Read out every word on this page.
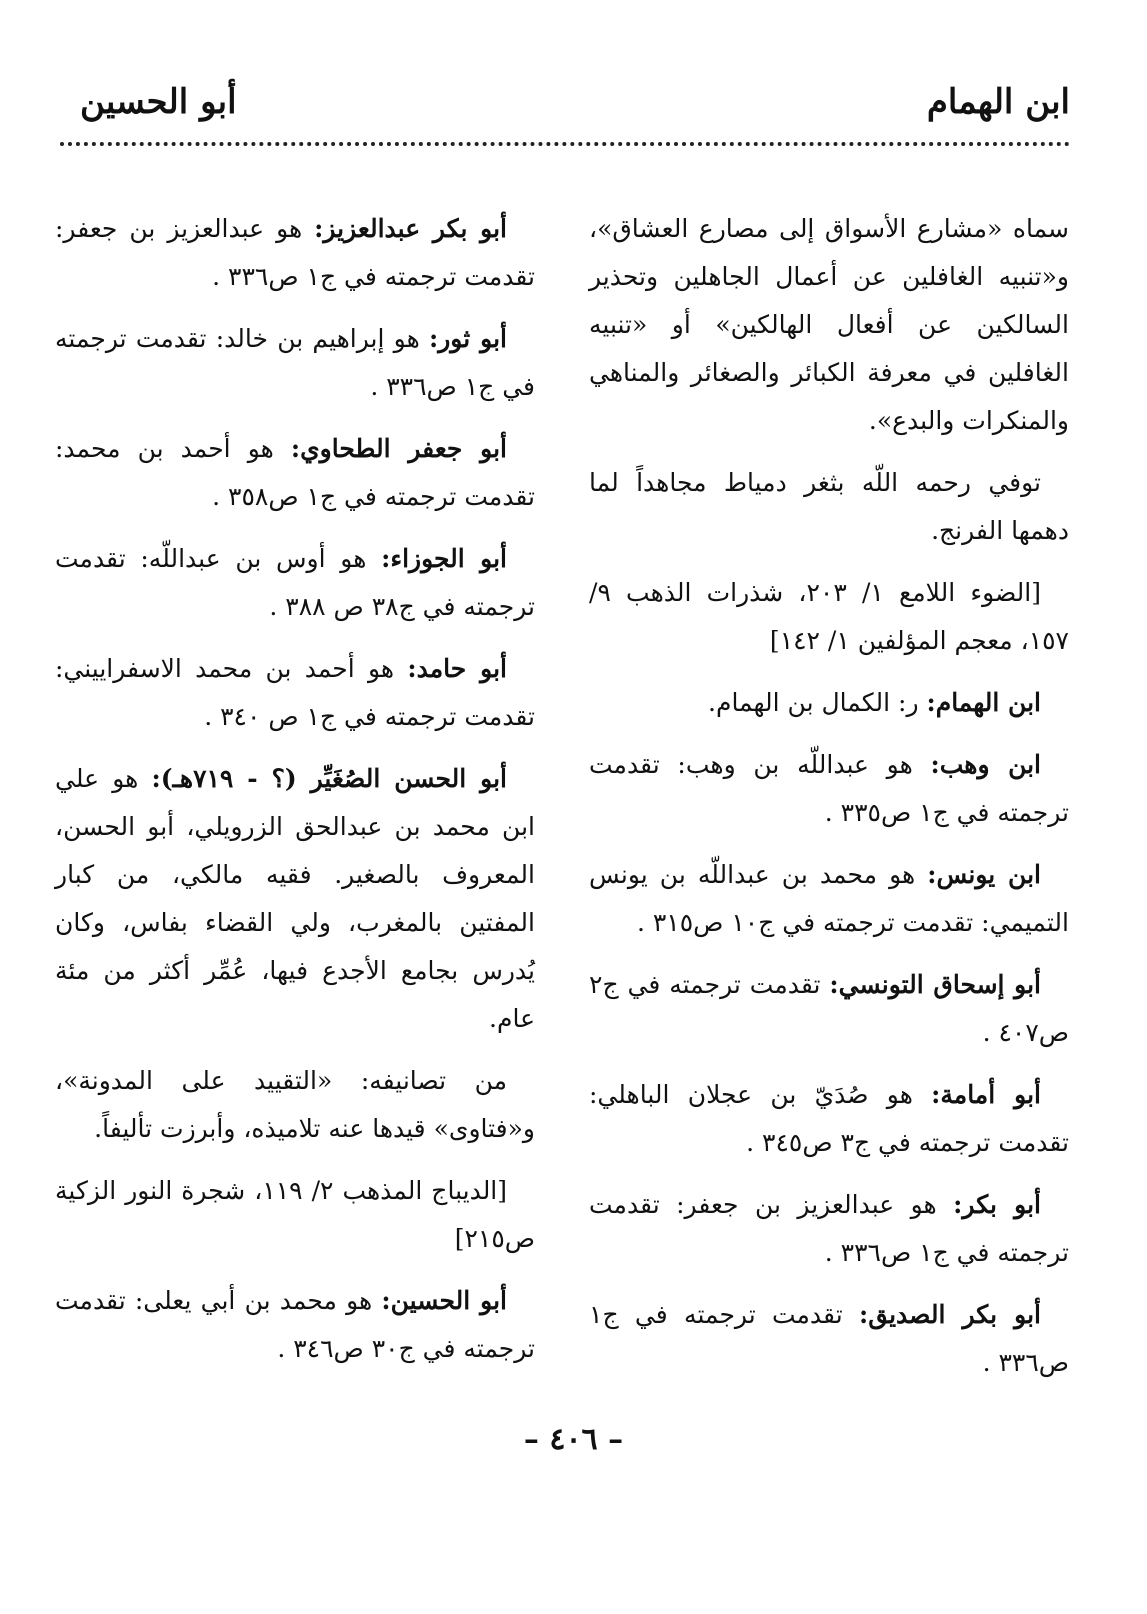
ابن الهمام
أبو الحسين

سماه «مشارع الأسواق إلى مصارع العشاق»، و«تنبيه الغافلين عن أعمال الجاهلين وتحذير السالكين عن أفعال الهالكين» أو «تنبيه الغافلين في معرفة الكبائر والصغائر والمناهي والمنكرات والبدع».

توفي رحمه اللّه بثغر دمياط مجاهداً لما دهمها الفرنج.

[الضوء اللامع ١/ ٢٠٣، شذرات الذهب ٩/ ١٥٧، معجم المؤلفين ١/ ١٤٢]

ابن الهمام: ر: الكمال بن الهمام.

ابن وهب: هو عبداللّه بن وهب: تقدمت ترجمته في ج١ ص٣٣٥ .

ابن يونس: هو محمد بن عبداللّه بن يونس التميمي: تقدمت ترجمته في ج١٠ ص٣١٥ .

أبو إسحاق التونسي: تقدمت ترجمته في ج٢ ص٤٠٧ .

أبو أمامة: هو صُدَيّ بن عجلان الباهلي: تقدمت ترجمته في ج٣ ص٣٤٥ .

أبو بكر: هو عبدالعزيز بن جعفر: تقدمت ترجمته في ج١ ص٣٣٦ .

أبو بكر الصديق: تقدمت ترجمته في ج١ ص٣٣٦ .

أبو بكر عبدالعزيز: هو عبدالعزيز بن جعفر: تقدمت ترجمته في ج١ ص٣٣٦ .

أبو ثور: هو إبراهيم بن خالد: تقدمت ترجمته في ج١ ص٣٣٦ .

أبو جعفر الطحاوي: هو أحمد بن محمد: تقدمت ترجمته في ج١ ص٣٥٨ .

أبو الجوزاء: هو أوس بن عبداللّه: تقدمت ترجمته في ج٣٨ ص ٣٨٨ .

أبو حامد: هو أحمد بن محمد الاسفراييني: تقدمت ترجمته في ج١ ص ٣٤٠ .

أبو الحسن الصُغَيِّر (؟ - ٧١٩هـ): هو علي ابن محمد بن عبدالحق الزرويلي، أبو الحسن، المعروف بالصغير. فقيه مالكي، من كبار المفتين بالمغرب، ولي القضاء بفاس، وكان يُدرس بجامع الأجدع فيها، عُمِّر أكثر من مئة عام.

من تصانيفه: «التقييد على المدونة»، و«فتاوى» قيدها عنه تلاميذه، وأبرزت تأليفاً.

[الديباج المذهب ٢/ ١١٩، شجرة النور الزكية ص٢١٥]

أبو الحسين: هو محمد بن أبي يعلى: تقدمت ترجمته في ج٣٠ ص٣٤٦ .

– ٤٠٦ –
